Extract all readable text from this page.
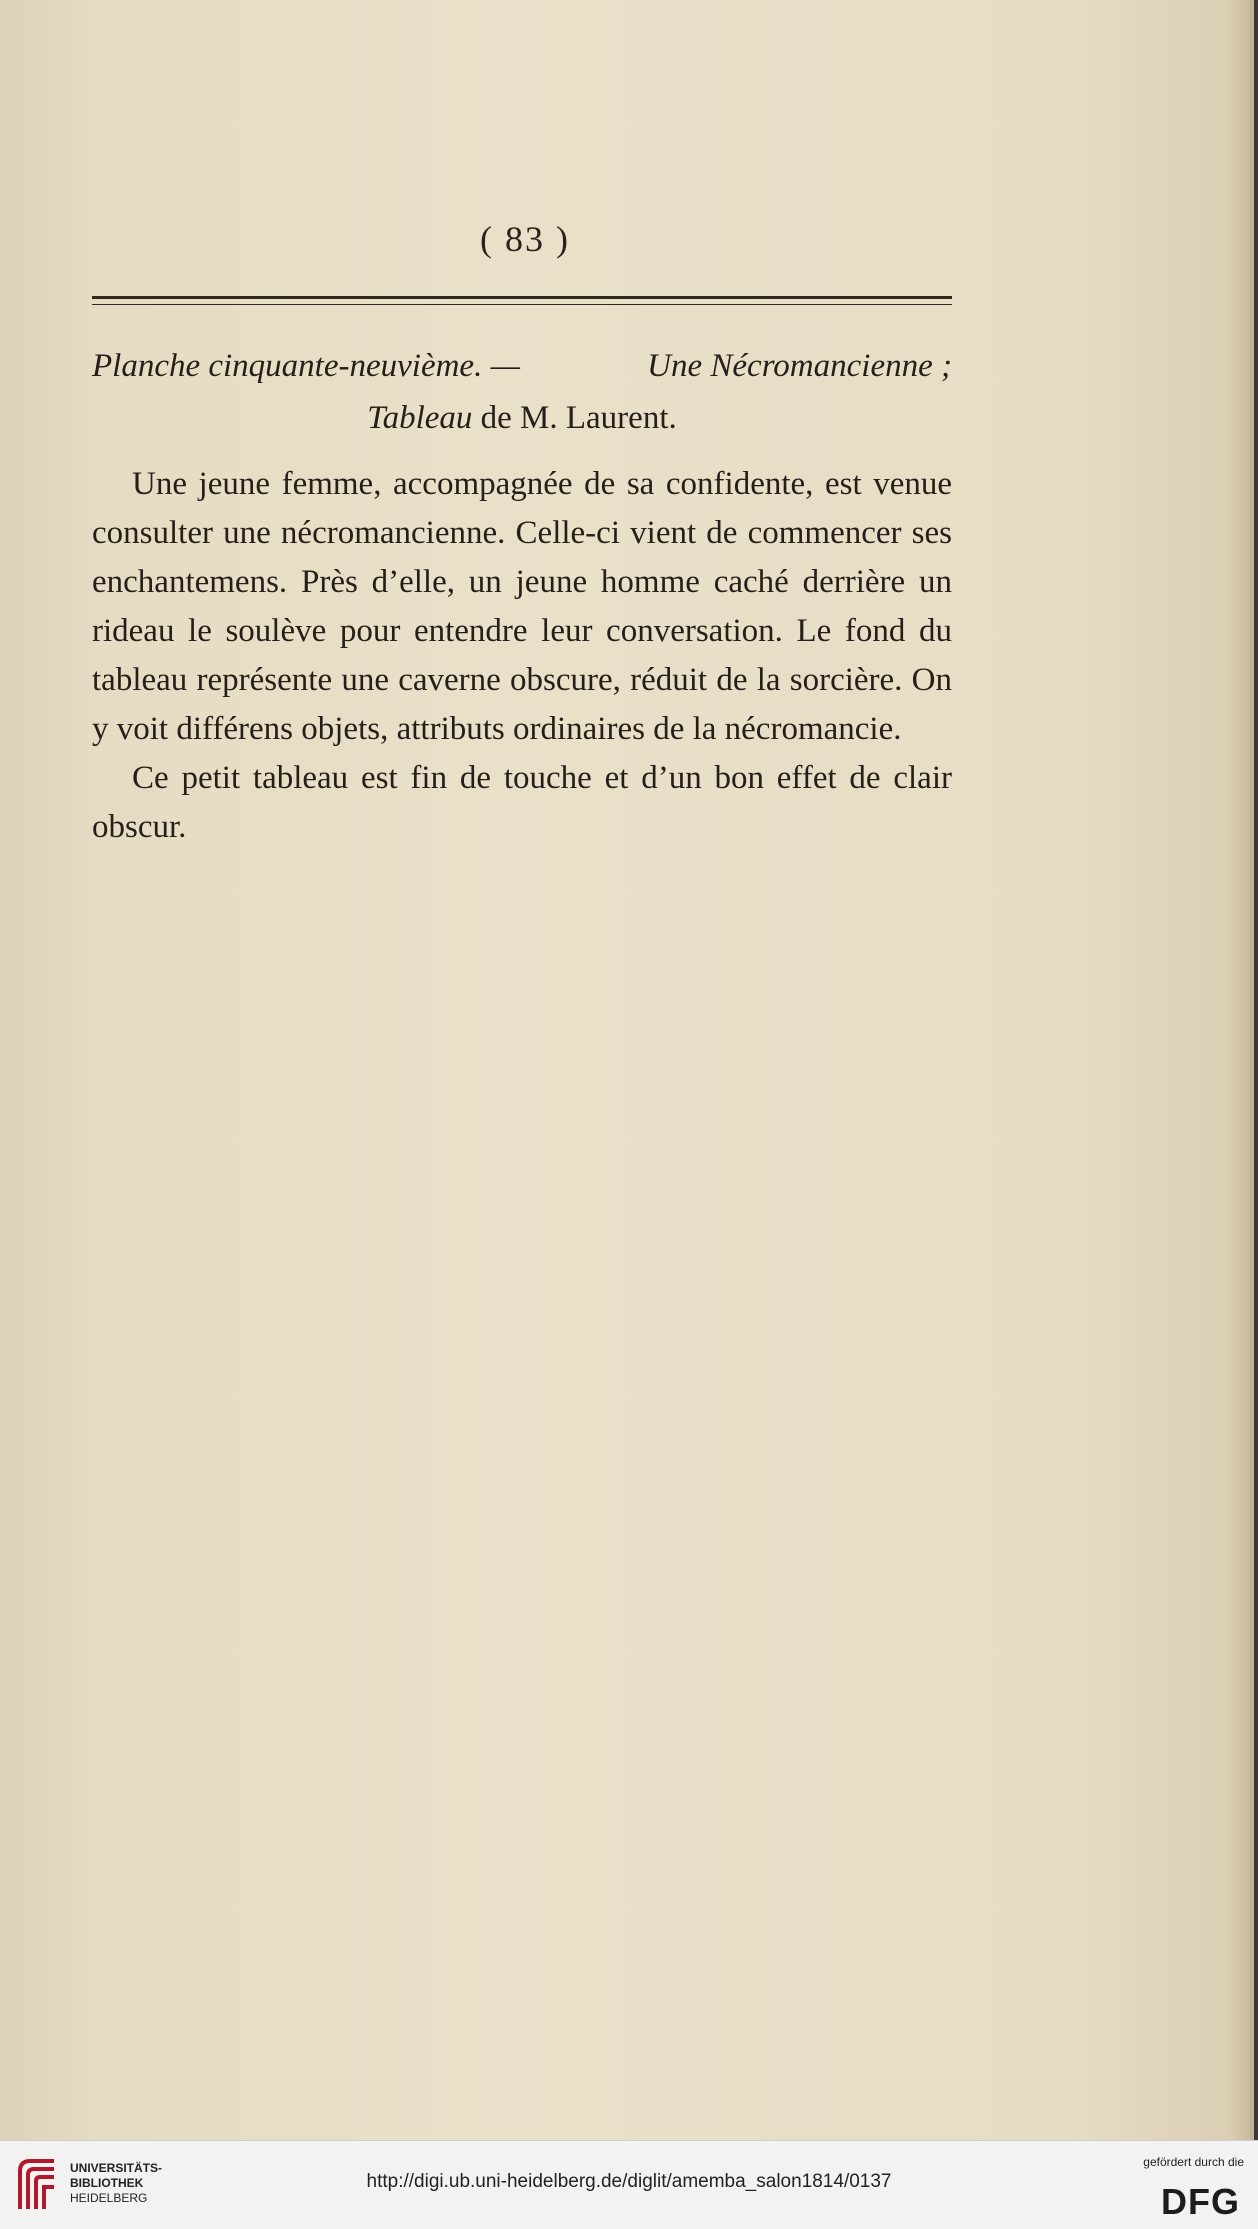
( 83 )
Planche cinquante-neuvième. —	Une Nécromancienne ;
Tableau de M. Laurent.

Une jeune femme, accompagnée de sa confidente, est venue consulter une nécromancienne. Celle-ci vient de commencer ses enchantemens. Près d’elle, un jeune homme caché derrière un rideau le soulève pour entendre leur conversation. Le fond du tableau représente une caverne obscure, réduit de la sorcière. On y voit différens objets, attributs ordinaires de la nécromancie.

Ce petit tableau est fin de touche et d’un bon effet de clair obscur.

UNIVERSITÄTS-
BIBLIOTHEK
HEIDELBERG
http://digi.ub.uni-heidelberg.de/diglit/amemba_salon1814/0137
gefördert durch die
DFG
